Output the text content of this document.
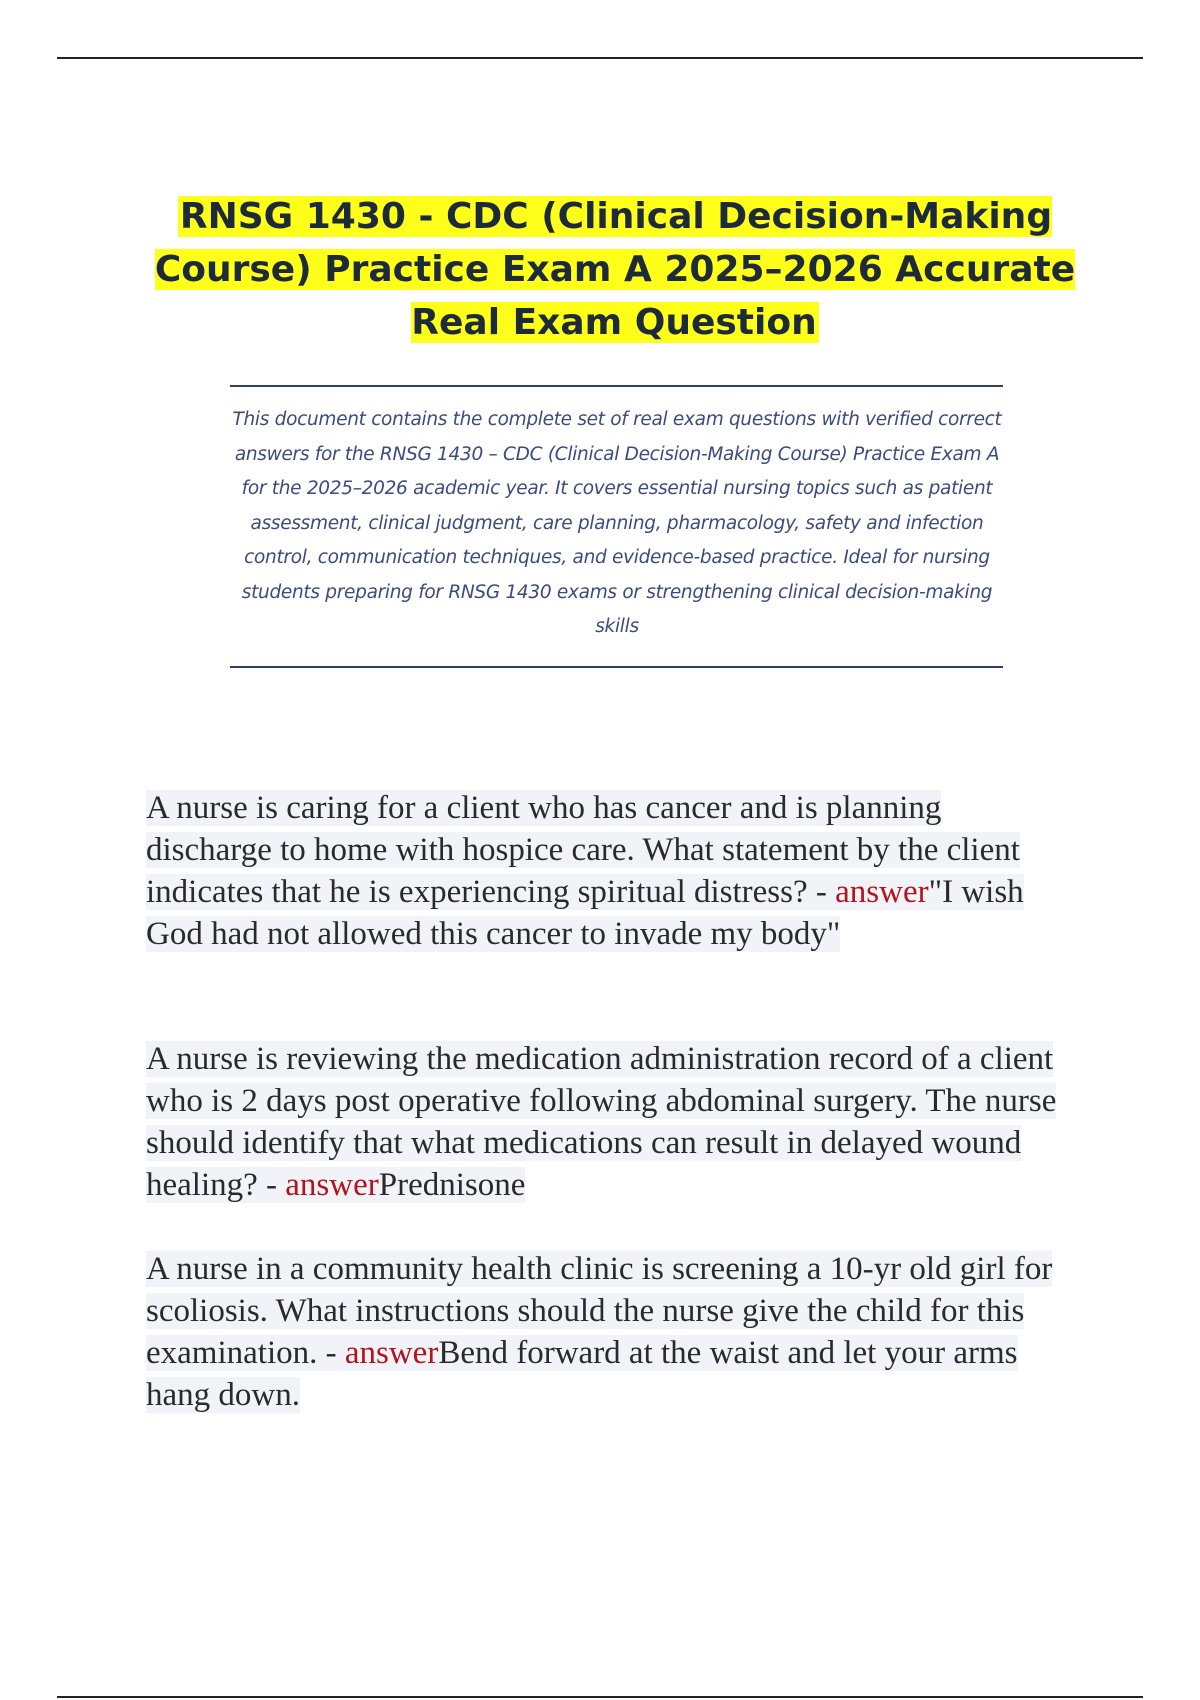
RNSG 1430 - CDC (Clinical Decision-Making Course) Practice Exam A 2025–2026 Accurate Real Exam Question
This document contains the complete set of real exam questions with verified correct answers for the RNSG 1430 – CDC (Clinical Decision-Making Course) Practice Exam A for the 2025–2026 academic year. It covers essential nursing topics such as patient assessment, clinical judgment, care planning, pharmacology, safety and infection control, communication techniques, and evidence-based practice. Ideal for nursing students preparing for RNSG 1430 exams or strengthening clinical decision-making skills
A nurse is caring for a client who has cancer and is planning discharge to home with hospice care. What statement by the client indicates that he is experiencing spiritual distress? - answer"I wish God had not allowed this cancer to invade my body"
A nurse is reviewing the medication administration record of a client who is 2 days post operative following abdominal surgery. The nurse should identify that what medications can result in delayed wound healing? - answerPrednisone
A nurse in a community health clinic is screening a 10-yr old girl for scoliosis. What instructions should the nurse give the child for this examination. - answerBend forward at the waist and let your arms hang down.
